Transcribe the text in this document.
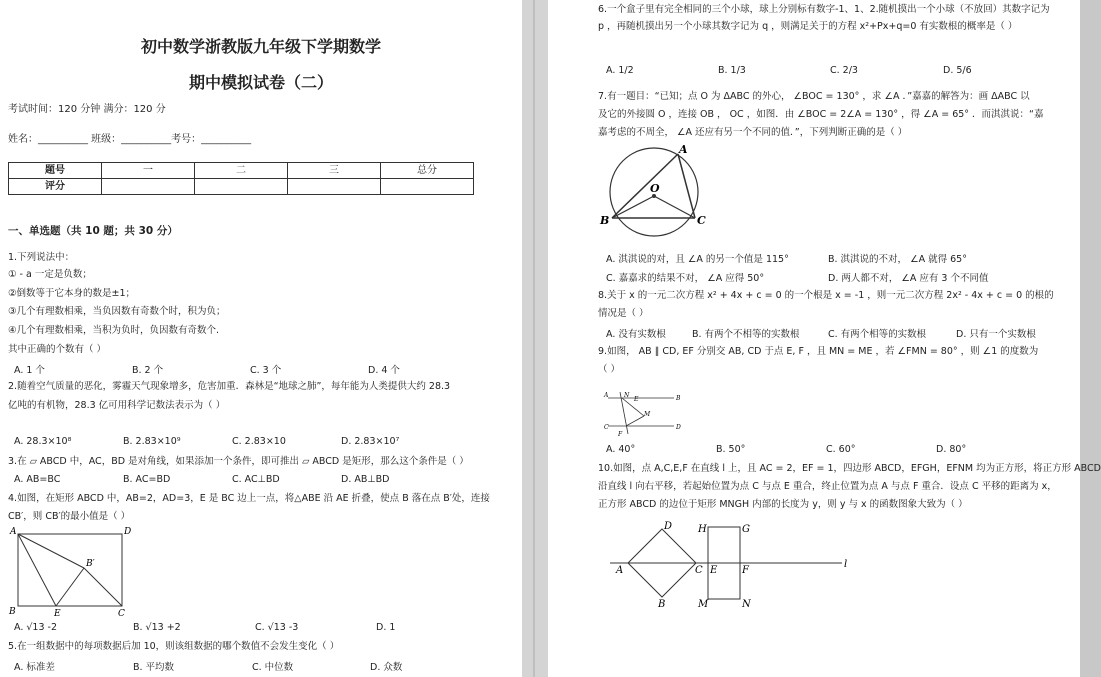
初中数学浙教版九年级下学期数学
期中模拟试卷（二）
考试时间：120 分钟 满分：120 分
姓名：__________ 班级：__________考号：__________
题号	一	二	三	总分
评分				
一、单选题（共 10 题；共 30 分）
1.下列说法中：
① - a 一定是负数；
②倒数等于它本身的数是±1；
③几个有理数相乘，当负因数有奇数个时，积为负；
④几个有理数相乘，当积为负时，负因数有奇数个.
其中正确的个数有（ ）
A. 1 个	B. 2 个	C. 3 个	D. 4 个
2.随着空气质量的恶化，雾霾天气现象增多，危害加重．森林是“地球之肺”，每年能为人类提供大约 28.3
亿吨的有机物，28.3 亿可用科学记数法表示为（ ）
A. 28.3×10⁸	B. 2.83×10⁹	C. 2.83×10	D. 2.83×10⁷
3.在 ▱ ABCD 中，AC，BD 是对角线，如果添加一个条件，即可推出 ▱ ABCD 是矩形，那么这个条件是（ ）
A. AB=BC	B. AC=BD	C. AC⊥BD	D. AB⊥BD
4.如图，在矩形 ABCD 中，AB=2，AD=3，E 是 BC 边上一点，将△ABE 沿 AE 折叠，使点 B 落在点 B′处，连接
CB′，则 CB′的最小值是（ ）
A	D
B′
B	E	C
A. √13 -2	B. √13 +2	C. √13 -3	D. 1
5.在一组数据中的每项数据后加 10，则该组数据的哪个数值不会发生变化（ ）
A. 标准差	B. 平均数	C. 中位数	D. 众数
6.一个盒子里有完全相同的三个小球，球上分别标有数字-1、1、2.随机摸出一个小球（不放回）其数字记为
p ，再随机摸出另一个小球其数字记为 q ，则满足关于的方程 x²+Px+q=0 有实数根的概率是（ ）
A. 1/2	B. 1/3	C. 2/3	D. 5/6
7.有一题目：“已知；点 O 为 ΔABC 的外心， ∠BOC = 130° ，求 ∠A ．”嘉嘉的解答为：画 ΔABC 以
及它的外接圆 O ，连接 OB ， OC ，如图．由 ∠BOC = 2∠A = 130° ，得 ∠A = 65° ．而淇淇说：“嘉
嘉考虑的不周全， ∠A 还应有另一个不同的值．”，下列判断正确的是（ ）
A
O
B	C
A. 淇淇说的对，且 ∠A 的另一个值是 115°	B. 淇淇说的不对， ∠A 就得 65°
C. 嘉嘉求的结果不对， ∠A 应得 50°	D. 两人都不对， ∠A 应有 3 个不同值
8.关于 x 的一元二次方程 x² + 4x + c = 0 的一个根是 x = -1 ，则一元二次方程 2x² - 4x + c = 0 的根的
情况是（ ）
A. 没有实数根	B. 有两个不相等的实数根	C. 有两个相等的实数根	D. 只有一个实数根
9.如图， AB ∥ CD, EF 分别交 AB, CD 于点 E, F ，且 MN = ME ，若 ∠FMN = 80° ，则 ∠1 的度数为
（ ）
A	N
E	B
M
C
F
D
A. 40°	B. 50°	C. 60°	D. 80°
10.如图，点 A,C,E,F 在直线 l 上，且 AC = 2，EF = 1，四边形 ABCD，EFGH，EFNM 均为正方形，将正方形 ABCD
沿直线 l 向右平移，若起始位置为点 C 与点 E 重合，终止位置为点 A 与点 F 重合．设点 C 平移的距离为 x，
正方形 ABCD 的边位于矩形 MNGH 内部的长度为 y，则 y 与 x 的函数图象大致为（ ）
D	H	G
A	C E F
l
B	M	N
